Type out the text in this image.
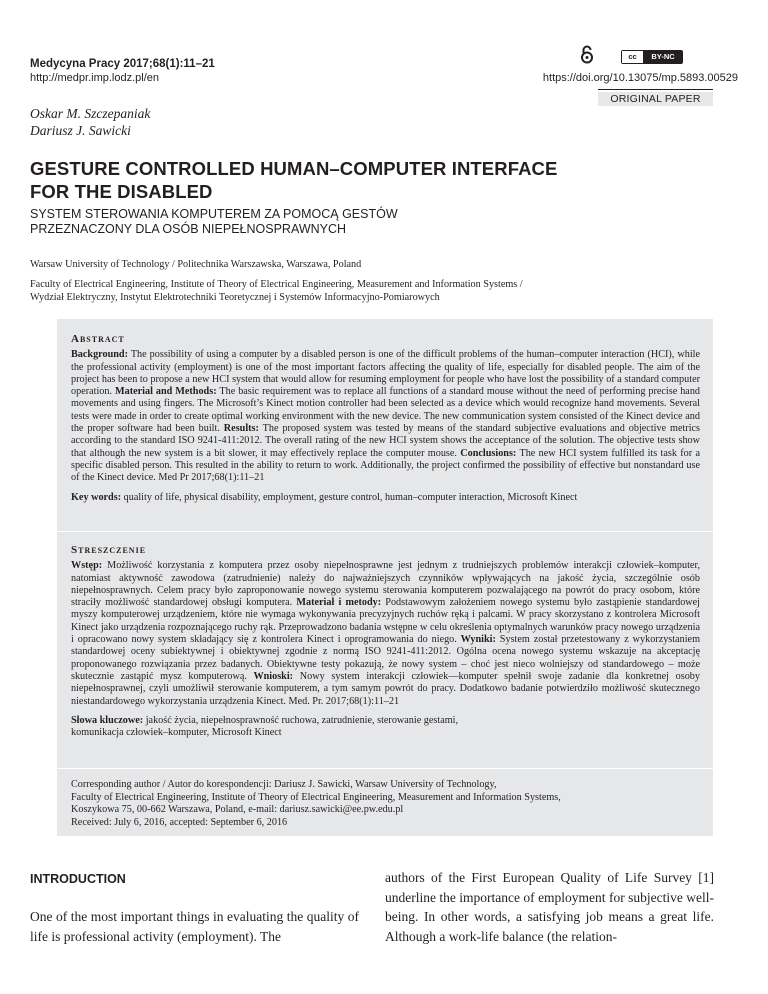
Medycyna Pracy 2017;68(1):11–21
http://medpr.imp.lodz.pl/en
cc	BY-NC
https://doi.org/10.13075/mp.5893.00529
ORIGINAL PAPER
Oskar M. Szczepaniak
Dariusz J. Sawicki
GESTURE CONTROLLED HUMAN–COMPUTER INTERFACE
FOR THE DISABLED
SYSTEM STEROWANIA KOMPUTEREM ZA POMOCĄ GESTÓW
PRZEZNACZONY DLA OSÓB NIEPEŁNOSPRAWNYCH
Warsaw University of Technology / Politechnika Warszawska, Warszawa, Poland
Faculty of Electrical Engineering, Institute of Theory of Electrical Engineering, Measurement and Information Systems /
Wydział Elektryczny, Instytut Elektrotechniki Teoretycznej i Systemów Informacyjno-Pomiarowych
Abstract

Background: The possibility of using a computer by a disabled person is one of the difficult problems of the human–computer interaction (HCI), while the professional activity (employment) is one of the most important factors affecting the quality of life, especially for disabled people. The aim of the project has been to propose a new HCI system that would allow for resuming employment for people who have lost the possibility of a standard computer operation. Material and Methods: The basic requirement was to replace all functions of a standard mouse without the need of performing precise hand movements and using fingers. The Microsoft’s Kinect motion controller had been selected as a device which would recognize hand movements. Several tests were made in order to create optimal working environment with the new device. The new communication system consisted of the Kinect device and the proper software had been built. Results: The proposed system was tested by means of the standard subjective evaluations and objective metrics according to the standard ISO 9241-411:2012. The overall rating of the new HCI system shows the acceptance of the solution. The objective tests show that although the new system is a bit slower, it may effectively replace the computer mouse. Conclusions: The new HCI system fulfilled its task for a specific disabled person. This resulted in the ability to return to work. Additionally, the project confirmed the possibility of effective but nonstandard use of the Kinect device. Med Pr 2017;68(1):11–21

Key words: quality of life, physical disability, employment, gesture control, human–computer interaction, Microsoft Kinect

Streszczenie

Wstęp: Możliwość korzystania z komputera przez osoby niepełnosprawne jest jednym z trudniejszych problemów interakcji człowiek–komputer, natomiast aktywność zawodowa (zatrudnienie) należy do najważniejszych czynników wpływających na jakość życia, szczególnie osób niepełnosprawnych. Celem pracy było zaproponowanie nowego systemu sterowania komputerem pozwalającego na powrót do pracy osobom, które straciły możliwość standardowej obsługi komputera. Materiał i metody: Podstawowym założeniem nowego systemu było zastąpienie standardowej myszy komputerowej urządzeniem, które nie wymaga wykonywania precyzyjnych ruchów ręką i palcami. W pracy skorzystano z kontrolera Microsoft Kinect jako urządzenia rozpoznającego ruchy rąk. Przeprowadzono badania wstępne w celu określenia optymalnych warunków pracy nowego urządzenia i opracowano nowy system składający się z kontrolera Kinect i oprogramowania do niego. Wyniki: System został przetestowany z wykorzystaniem standardowej oceny subiektywnej i obiektywnej zgodnie z normą ISO 9241-411:2012. Ogólna ocena nowego systemu wskazuje na akceptację proponowanego rozwiązania przez badanych. Obiektywne testy pokazują, że nowy system – choć jest nieco wolniejszy od standardowego – może skutecznie zastąpić mysz komputerową. Wnioski: Nowy system interakcji człowiek––komputer spełnił swoje zadanie dla konkretnej osoby niepełnosprawnej, czyli umożliwił sterowanie komputerem, a tym samym powrót do pracy. Dodatkowo badanie potwierdziło możliwość skutecznego niestandardowego wykorzystania urządzenia Kinect. Med. Pr. 2017;68(1):11–21

Słowa kluczowe: jakość życia, niepełnosprawność ruchowa, zatrudnienie, sterowanie gestami,
komunikacja człowiek–komputer, Microsoft Kinect

Corresponding author / Autor do korespondencji: Dariusz J. Sawicki, Warsaw University of Technology,
Faculty of Electrical Engineering, Institute of Theory of Electrical Engineering, Measurement and Information Systems,
Koszykowa 75, 00-662 Warszawa, Poland, e-mail: dariusz.sawicki@ee.pw.edu.pl
Received: July 6, 2016, accepted: September 6, 2016
INTRODUCTION
One of the most important things in evaluating the quality of life is professional activity (employment). The
authors of the First European Quality of Life Survey [1] underline the importance of employment for subjective well-being. In other words, a satisfying job means a great life. Although a work-life balance (the relation-
